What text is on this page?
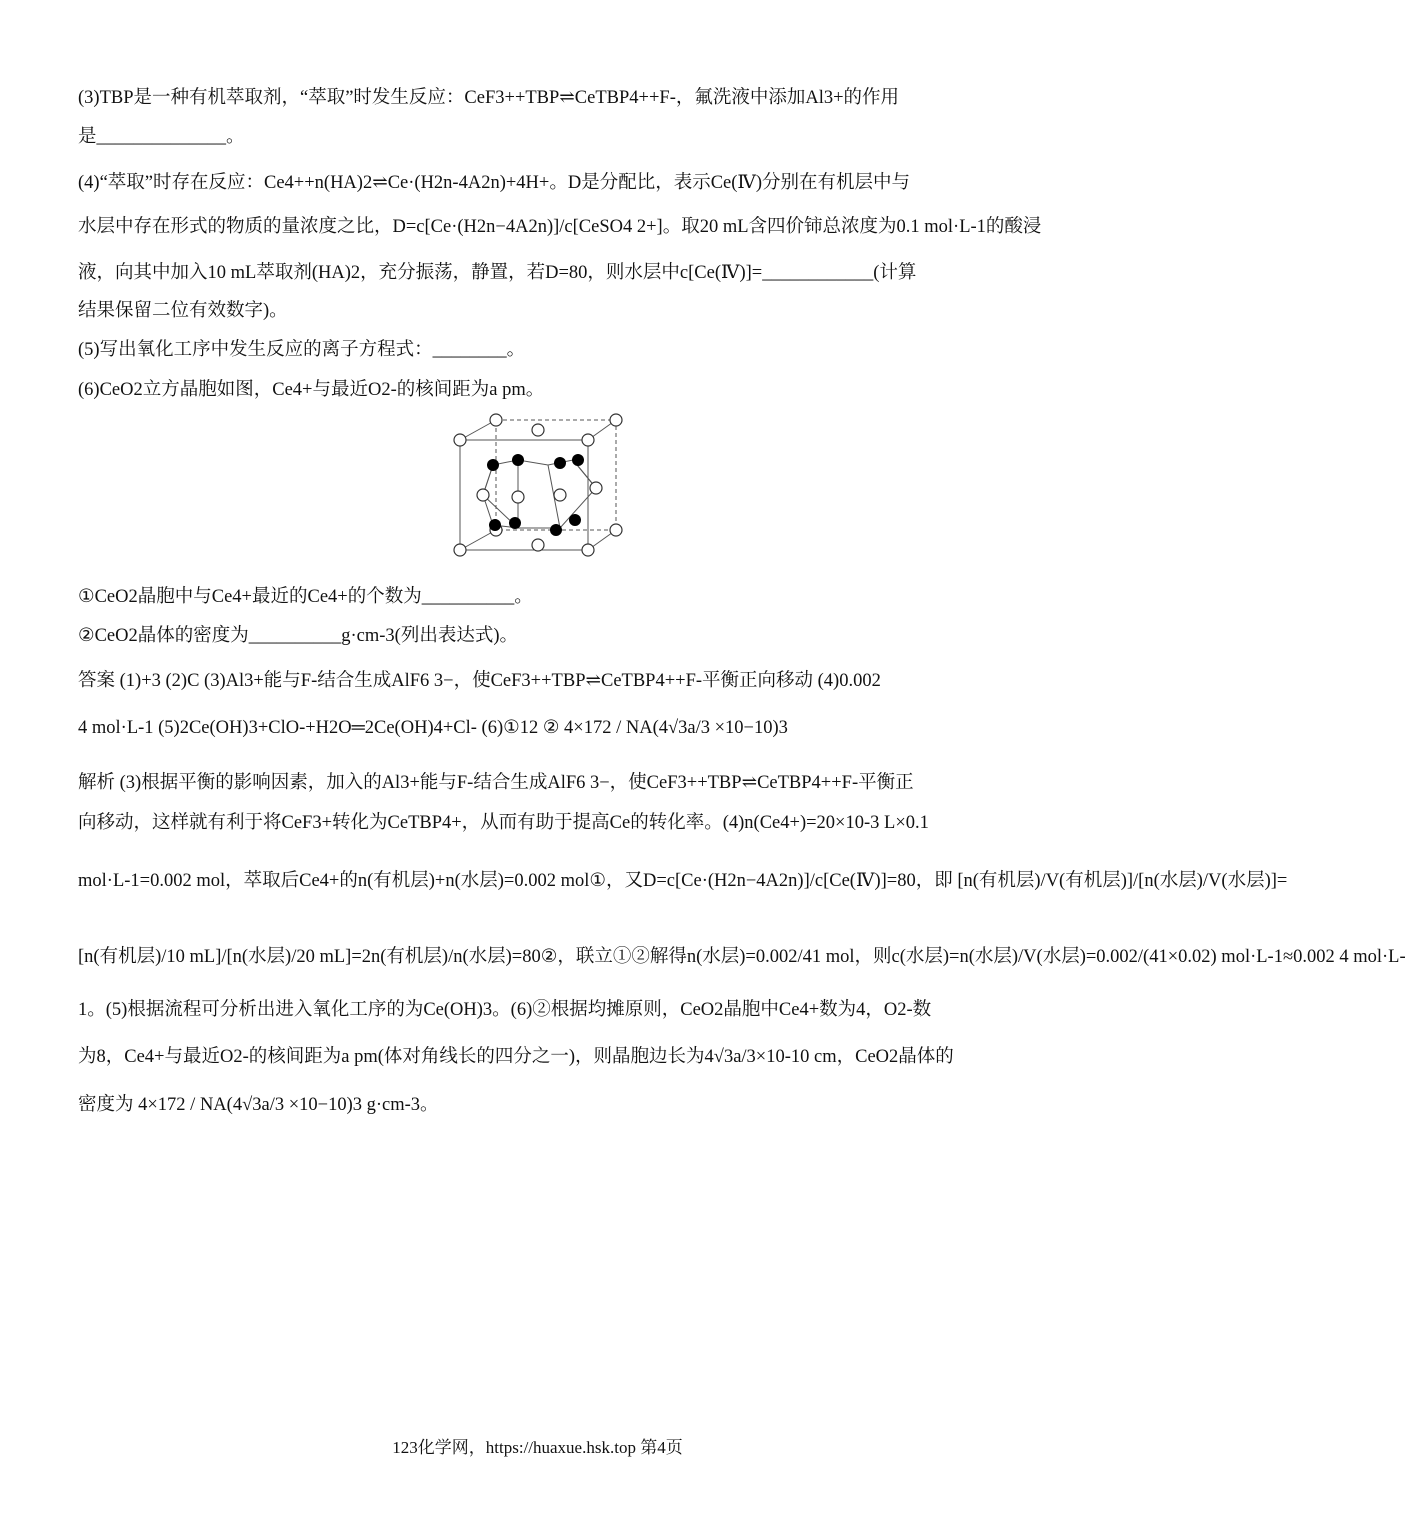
(3)TBP是一种有机萃取剂，“萃取”时发生反应：CeF3++TBP⇌CeTBP4++F-，氟洗液中添加Al3+的作用
是______________。
(4)“萃取”时存在反应：Ce4++n(HA)2⇌Ce·(H2n-4A2n)+4H+。D是分配比，表示Ce(Ⅳ)分别在有机层中与
水层中存在形式的物质的量浓度之比，D=c[Ce·(H2n−4A2n)]/c[CeSO4 2+]。取20 mL含四价铈总浓度为0.1 mol·L-1的酸浸
液，向其中加入10 mL萃取剂(HA)2，充分振荡，静置，若D=80，则水层中c[Ce(Ⅳ)]=____________(计算
结果保留二位有效数字)。
(5)写出氧化工序中发生反应的离子方程式：________。
(6)CeO2立方晶胞如图，Ce4+与最近O2-的核间距为a pm。
①CeO2晶胞中与Ce4+最近的Ce4+的个数为__________。
②CeO2晶体的密度为__________g·cm-3(列出表达式)。
答案 (1)+3 (2)C (3)Al3+能与F-结合生成AlF6 3−，使CeF3++TBP⇌CeTBP4++F-平衡正向移动 (4)0.002
4 mol·L-1 (5)2Ce(OH)3+ClO-+H2O═2Ce(OH)4+Cl- (6)①12 ② 4×172 / NA(4√3a/3 ×10−10)3
解析 (3)根据平衡的影响因素，加入的Al3+能与F-结合生成AlF6 3−，使CeF3++TBP⇌CeTBP4++F-平衡正
向移动，这样就有利于将CeF3+转化为CeTBP4+，从而有助于提高Ce的转化率。(4)n(Ce4+)=20×10-3 L×0.1
mol·L-1=0.002 mol，萃取后Ce4+的n(有机层)+n(水层)=0.002 mol①，又D=c[Ce·(H2n−4A2n)]/c[Ce(Ⅳ)]=80，即 [n(有机层)/V(有机层)]/[n(水层)/V(水层)]=
[n(有机层)/10 mL]/[n(水层)/20 mL]=2n(有机层)/n(水层)=80②，联立①②解得n(水层)=0.002/41 mol，则c(水层)=n(水层)/V(水层)=0.002/(41×0.02) mol·L-1≈0.002 4 mol·L-
1。(5)根据流程可分析出进入氧化工序的为Ce(OH)3。(6)②根据均摊原则，CeO2晶胞中Ce4+数为4，O2-数
为8，Ce4+与最近O2-的核间距为a pm(体对角线长的四分之一)，则晶胞边长为4√3a/3×10-10 cm，CeO2晶体的
密度为 4×172 / NA(4√3a/3 ×10−10)3 g·cm-3。
123化学网，https://huaxue.hsk.top 第4页
